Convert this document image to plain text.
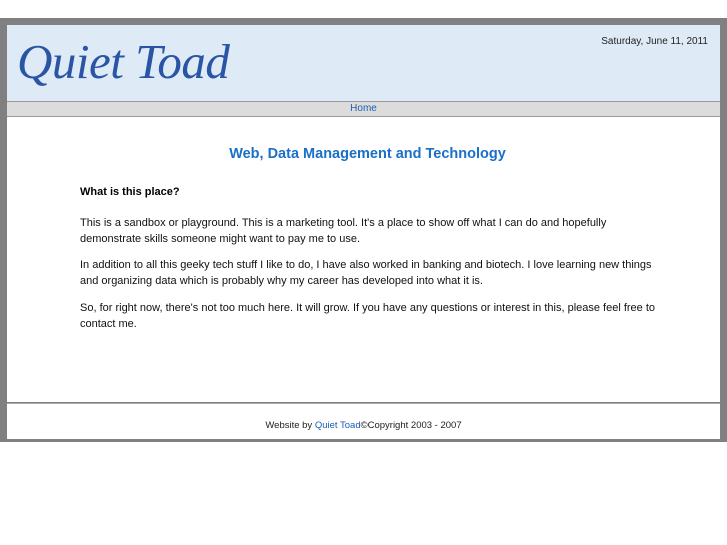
Quiet Toad	Saturday, June 11, 2011
Home
Web, Data Management and Technology
What is this place?

This is a sandbox or playground. This is a marketing tool. It's a place to show off what I can do and hopefully demonstrate skills someone might want to pay me to use.

In addition to all this geeky tech stuff I like to do, I have also worked in banking and biotech. I love learning new things and organizing data which is probably why my career has developed into what it is.

So, for right now, there's not too much here. It will grow. If you have any questions or interest in this, please feel free to contact me.

Website by Quiet Toad©Copyright 2003 - 2007
